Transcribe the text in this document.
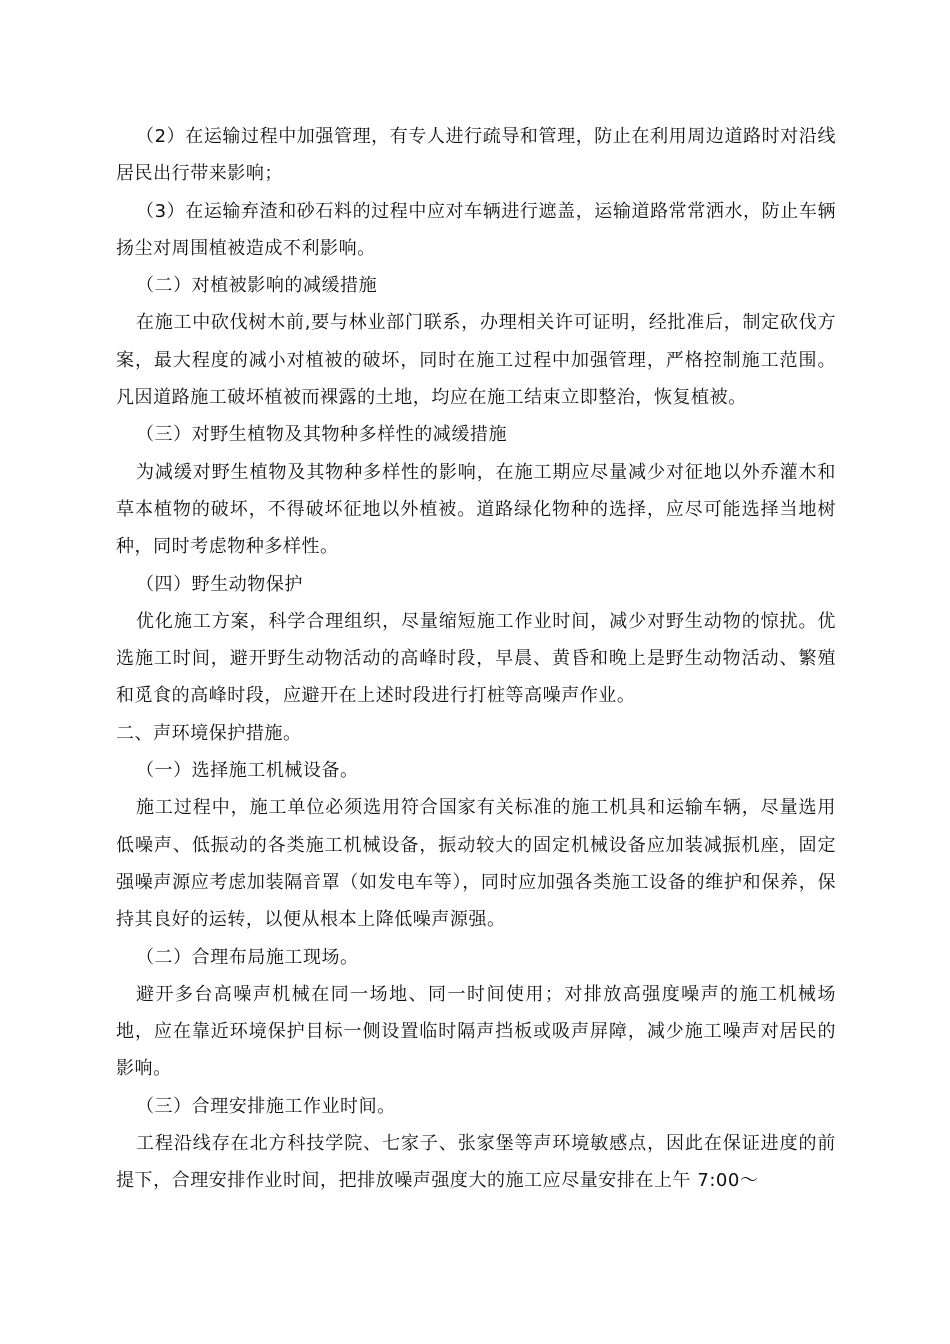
（2）在运输过程中加强管理，有专人进行疏导和管理，防止在利用周边道路时对沿线居民出行带来影响；

（3）在运输弃渣和砂石料的过程中应对车辆进行遮盖，运输道路常常洒水，防止车辆扬尘对周围植被造成不利影响。

（二）对植被影响的减缓措施

在施工中砍伐树木前,要与林业部门联系，办理相关许可证明，经批准后，制定砍伐方案，最大程度的减小对植被的破坏，同时在施工过程中加强管理，严格控制施工范围。凡因道路施工破坏植被而裸露的土地，均应在施工结束立即整治，恢复植被。

（三）对野生植物及其物种多样性的减缓措施

为减缓对野生植物及其物种多样性的影响，在施工期应尽量减少对征地以外乔灌木和草本植物的破坏，不得破坏征地以外植被。道路绿化物种的选择，应尽可能选择当地树种，同时考虑物种多样性。

（四）野生动物保护

优化施工方案，科学合理组织，尽量缩短施工作业时间，减少对野生动物的惊扰。优选施工时间，避开野生动物活动的高峰时段，早晨、黄昏和晚上是野生动物活动、繁殖和觅食的高峰时段，应避开在上述时段进行打桩等高噪声作业。

二、声环境保护措施。

（一）选择施工机械设备。

施工过程中，施工单位必须选用符合国家有关标准的施工机具和运输车辆，尽量选用低噪声、低振动的各类施工机械设备，振动较大的固定机械设备应加装减振机座，固定强噪声源应考虑加装隔音罩（如发电车等），同时应加强各类施工设备的维护和保养，保持其良好的运转，以便从根本上降低噪声源强。

（二）合理布局施工现场。

避开多台高噪声机械在同一场地、同一时间使用；对排放高强度噪声的施工机械场地，应在靠近环境保护目标一侧设置临时隔声挡板或吸声屏障，减少施工噪声对居民的影响。

（三）合理安排施工作业时间。

工程沿线存在北方科技学院、七家子、张家堡等声环境敏感点，因此在保证进度的前提下，合理安排作业时间，把排放噪声强度大的施工应尽量安排在上午 7:00～
